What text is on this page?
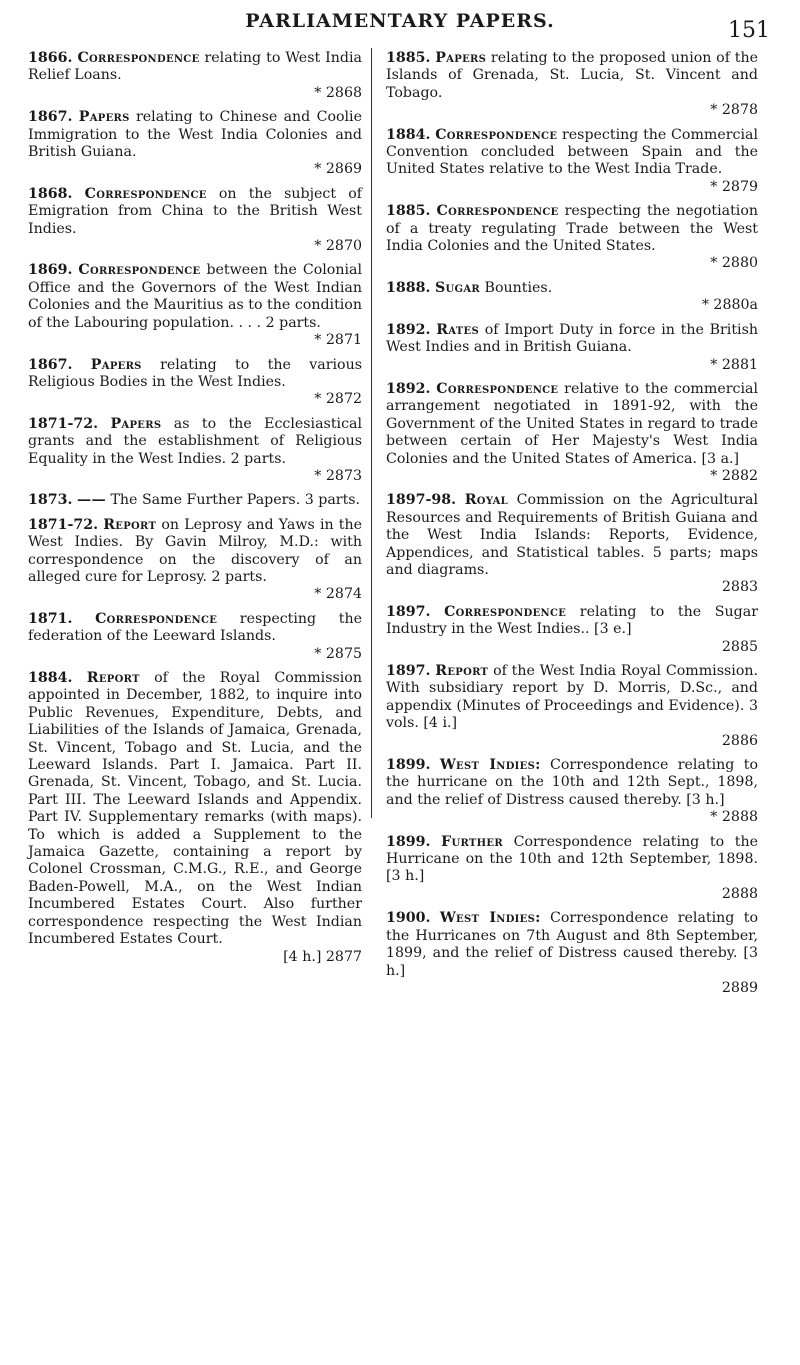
PARLIAMENTARY PAPERS.	151

1866. Correspondence relating to West India Relief Loans.
* 2868

1867. Papers relating to Chinese and Coolie Immigration to the West India Colonies and British Guiana.
* 2869

1868. Correspondence on the subject of Emigration from China to the British West Indies.
* 2870

1869. Correspondence between the Colonial Office and the Governors of the West Indian Colonies and the Mauritius as to the condition of the Labouring population. . . . 2 parts.
* 2871

1867. Papers relating to the various Religious Bodies in the West Indies.
* 2872

1871-72. Papers as to the Ecclesiastical grants and the establishment of Religious Equality in the West Indies. 2 parts.
* 2873

1873. —— The Same Further Papers. 3 parts.

1871-72. Report on Leprosy and Yaws in the West Indies. By Gavin Milroy, M.D.: with correspondence on the discovery of an alleged cure for Leprosy. 2 parts.
* 2874

1871. Correspondence respecting the federation of the Leeward Islands.
* 2875

1884. Report of the Royal Commission appointed in December, 1882, to inquire into Public Revenues, Expenditure, Debts, and Liabilities of the Islands of Jamaica, Grenada, St. Vincent, Tobago and St. Lucia, and the Leeward Islands. Part I. Jamaica. Part II. Grenada, St. Vincent, Tobago, and St. Lucia. Part III. The Leeward Islands and Appendix. Part IV. Supplementary remarks (with maps). To which is added a Supplement to the Jamaica Gazette, containing a report by Colonel Crossman, C.M.G., R.E., and George Baden-Powell, M.A., on the West Indian Incumbered Estates Court. Also further correspondence respecting the West Indian Incumbered Estates Court.
[4 h.] 2877

1885. Papers relating to the proposed union of the Islands of Grenada, St. Lucia, St. Vincent and Tobago.
* 2878

1884. Correspondence respecting the Commercial Convention concluded between Spain and the United States relative to the West India Trade.
* 2879

1885. Correspondence respecting the negotiation of a treaty regulating Trade between the West India Colonies and the United States.
* 2880

1888. Sugar Bounties.
* 2880a

1892. Rates of Import Duty in force in the British West Indies and in British Guiana.
* 2881

1892. Correspondence relative to the commercial arrangement negotiated in 1891-92, with the Government of the United States in regard to trade between certain of Her Majesty's West India Colonies and the United States of America. [3 a.]
* 2882

1897-98. Royal Commission on the Agricultural Resources and Requirements of British Guiana and the West India Islands: Reports, Evidence, Appendices, and Statistical tables. 5 parts; maps and diagrams.
2883

1897. Correspondence relating to the Sugar Industry in the West Indies.. [3 e.]
2885

1897. Report of the West India Royal Commission. With subsidiary report by D. Morris, D.Sc., and appendix (Minutes of Proceedings and Evidence). 3 vols. [4 i.]
2886

1899. West Indies: Correspondence relating to the hurricane on the 10th and 12th Sept., 1898, and the relief of Distress caused thereby. [3 h.]
* 2888

1899. Further Correspondence relating to the Hurricane on the 10th and 12th September, 1898. [3 h.]
2888

1900. West Indies: Correspondence relating to the Hurricanes on 7th August and 8th September, 1899, and the relief of Distress caused thereby. [3 h.]
2889
